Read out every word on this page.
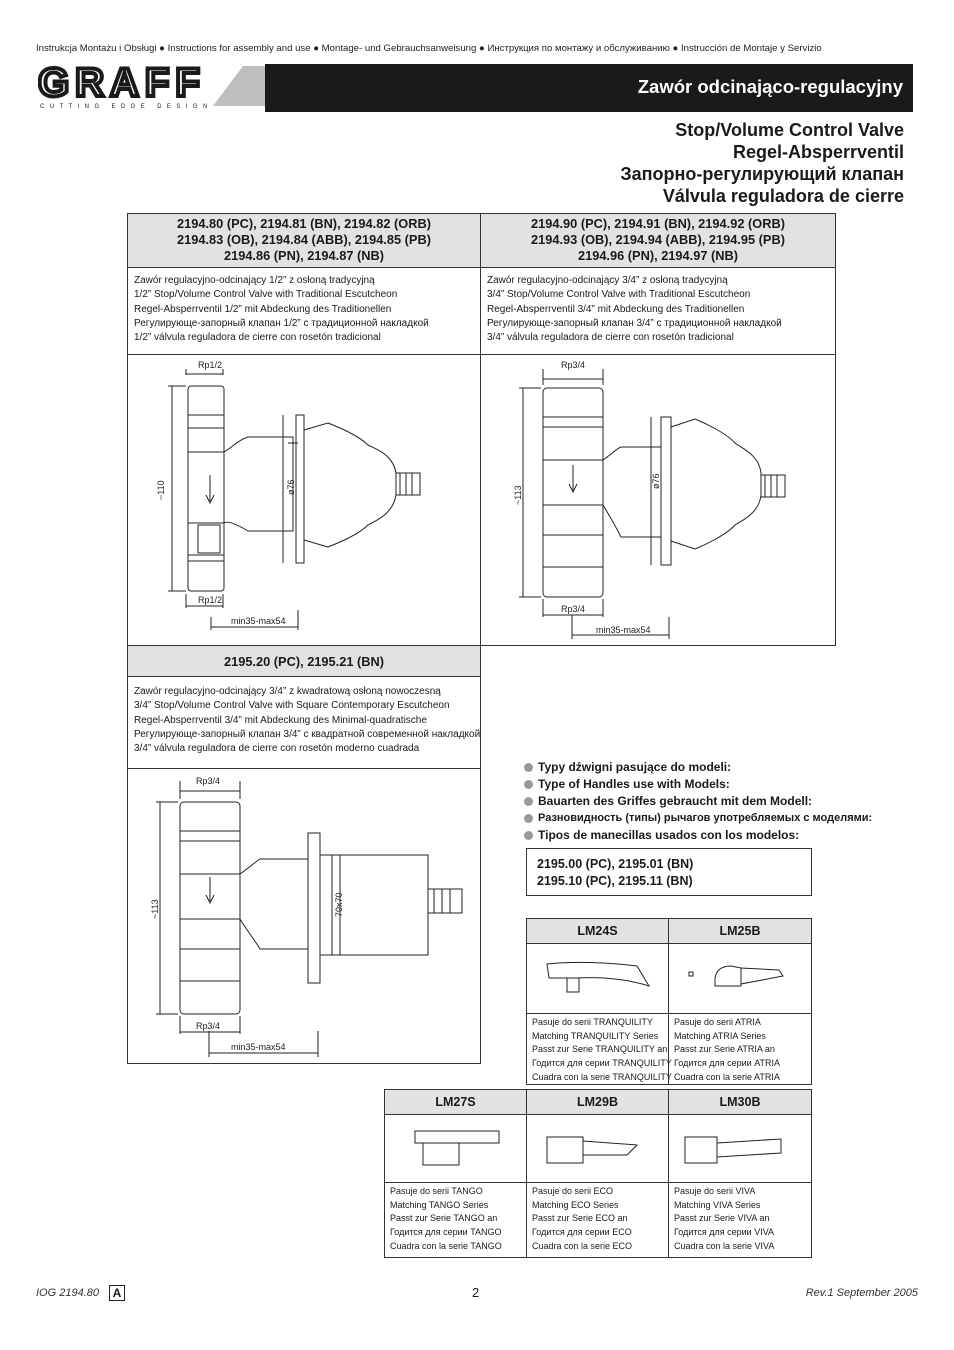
Instrukcja Montażu i Obsługi ● Instructions for assembly and use ● Montage- und Gebrauchsanweisung ● Инструкция по монтажу и обслуживанию ● Instrucción de Montaje y Servizio
GRAFF
CUTTING EDGE DESIGN
Zawór odcinająco-regulacyjny
Stop/Volume Control Valve
Regel-Absperrventil
Запорно-регулирующий клапан
Válvula reguladora de cierre
2194.80 (PC), 2194.81 (BN), 2194.82 (ORB)
2194.83 (OB), 2194.84 (ABB), 2194.85 (PB)
2194.86 (PN), 2194.87 (NB)
Zawór regulacyjno-odcinający 1/2” z osłoną tradycyjną
1/2” Stop/Volume Control Valve with Traditional Escutcheon
Regel-Absperrventil 1/2” mit Abdeckung des Traditionellen
Регулирующе-запорный клапан 1/2” с традиционной накладкой
1/2” válvula reguladora de cierre con rosetón tradicional
Rp1/2
~110
Rp1/2
min35-max54
ø76
2194.90 (PC), 2194.91 (BN), 2194.92 (ORB)
2194.93 (OB), 2194.94 (ABB), 2194.95 (PB)
2194.96 (PN), 2194.97 (NB)
Zawór regulacyjno-odcinający 3/4” z osłoną tradycyjną
3/4” Stop/Volume Control Valve with Traditional Escutcheon
Regel-Absperrventil 3/4” mit Abdeckung des Traditionellen
Регулирующе-запорный клапан 3/4” с традиционной накладкой
3/4” válvula reguladora de cierre con rosetón tradicional
Rp3/4
~113
Rp3/4
min35-max54
ø76
2195.20 (PC), 2195.21 (BN)
Zawór regulacyjno-odcinający 3/4” z kwadratową osłoną nowoczesną
3/4” Stop/Volume Control Valve with Square Contemporary Escutcheon
Regel-Absperrventil 3/4” mit Abdeckung des Minimal-quadratische
Регулирующе-запорный клапан 3/4” с квадратной современной накладкой
3/4” válvula reguladora de cierre con rosetón moderno cuadrada
Rp3/4
~113
Rp3/4
min35-max54
70x70
Typy dźwigni pasujące do modeli:
Type of Handles use with Models:
Bauarten des Griffes gebraucht mit dem Modell:
Разновидность (типы) рычагов употребляемых с моделями:
Tipos de manecillas usados con los modelos:
2195.00 (PC), 2195.01 (BN)
2195.10 (PC), 2195.11 (BN)
LM24S	LM25B
Pasuje do serii TRANQUILITY
Matching TRANQUILITY Series
Passt zur Serie TRANQUILITY an
Годится для серии TRANQUILITY
Cuadra con la serie TRANQUILITY
Pasuje do serii ATRIA
Matching ATRIA Series
Passt zur Serie ATRIA an
Годится для серии ATRIA
Cuadra con la serie ATRIA
LM27S	LM29B	LM30B
Pasuje do serii TANGO
Matching TANGO Series
Passt zur Serie TANGO an
Годится для серии TANGO
Cuadra con la serie TANGO
Pasuje do serii ECO
Matching ECO Series
Passt zur Serie ECO an
Годится для серии ECO
Cuadra con la serie ECO
Pasuje do serii VIVA
Matching VIVA Series
Passt zur Serie VIVA an
Годится для серии VIVA
Cuadra con la serie VIVA
IOG 2194.80	A	2	Rev.1 September 2005
